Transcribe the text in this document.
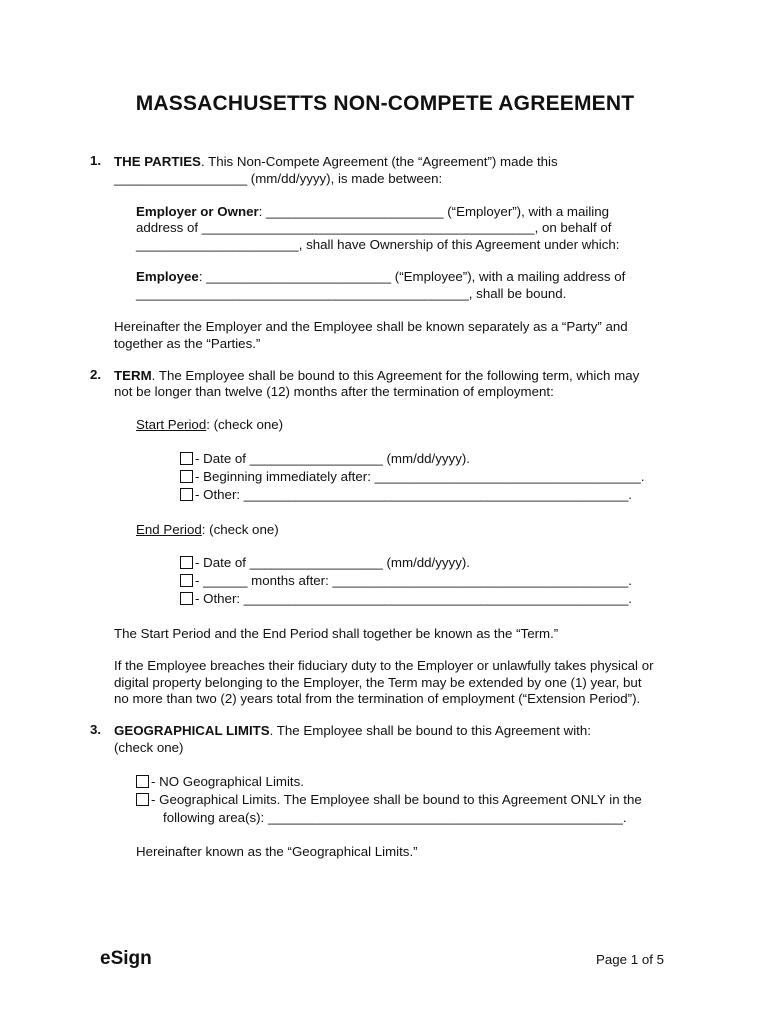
MASSACHUSETTS NON-COMPETE AGREEMENT
1. THE PARTIES. This Non-Compete Agreement (the “Agreement”) made this
__________________ (mm/dd/yyyy), is made between:
Employer or Owner: ________________________ (“Employer”), with a mailing
address of _____________________________________________, on behalf of
______________________, shall have Ownership of this Agreement under which:
Employee: _________________________ (“Employee”), with a mailing address of
_____________________________________________, shall be bound.
Hereinafter the Employer and the Employee shall be known separately as a “Party” and
together as the “Parties.”
2. TERM. The Employee shall be bound to this Agreement for the following term, which may
not be longer than twelve (12) months after the termination of employment:
Start Period: (check one)
- Date of __________________ (mm/dd/yyyy).
- Beginning immediately after: ____________________________________.
- Other: ____________________________________________________.
End Period: (check one)
- Date of __________________ (mm/dd/yyyy).
- ______ months after: ________________________________________.
- Other: ____________________________________________________.
The Start Period and the End Period shall together be known as the “Term.”
If the Employee breaches their fiduciary duty to the Employer or unlawfully takes physical or
digital property belonging to the Employer, the Term may be extended by one (1) year, but
no more than two (2) years total from the termination of employment (“Extension Period”).
3. GEOGRAPHICAL LIMITS. The Employee shall be bound to this Agreement with:
(check one)
- NO Geographical Limits.
- Geographical Limits. The Employee shall be bound to this Agreement ONLY in the
following area(s): ________________________________________________.
Hereinafter known as the “Geographical Limits.”
eSign	Page 1 of 5
